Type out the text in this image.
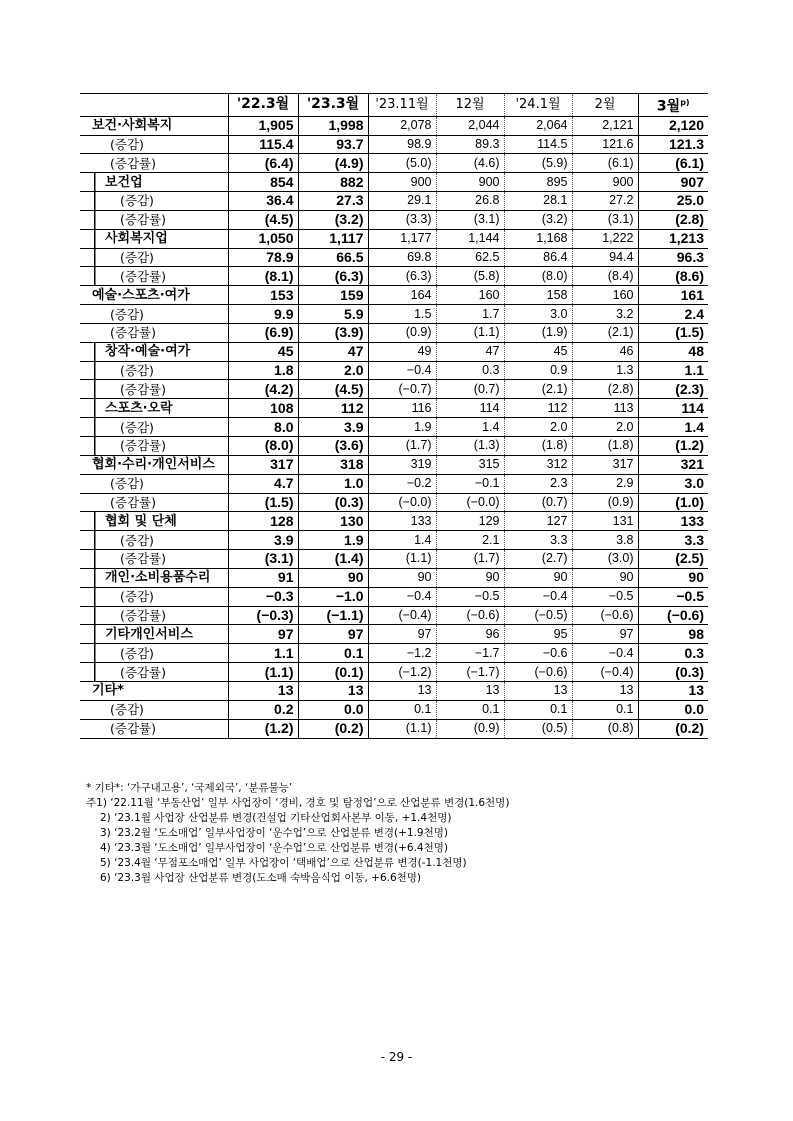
	'22.3월	'23.3월	'23.11월	12월	'24.1월	2월	3월$^{p)}$
보건·사회복지	1,905	1,998	2,078	2,044	2,064	2,121	2,120
(증감)	115.4	93.7	98.9	89.3	114.5	121.6	121.3
(증감률)	(6.4)	(4.9)	(5.0)	(4.6)	(5.9)	(6.1)	(6.1)
보건업	854	882	900	900	895	900	907
(증감)	36.4	27.3	29.1	26.8	28.1	27.2	25.0
(증감률)	(4.5)	(3.2)	(3.3)	(3.1)	(3.2)	(3.1)	(2.8)
사회복지업	1,050	1,117	1,177	1,144	1,168	1,222	1,213
(증감)	78.9	66.5	69.8	62.5	86.4	94.4	96.3
(증감률)	(8.1)	(6.3)	(6.3)	(5.8)	(8.0)	(8.4)	(8.6)
예술·스포츠·여가	153	159	164	160	158	160	161
(증감)	9.9	5.9	1.5	1.7	3.0	3.2	2.4
(증감률)	(6.9)	(3.9)	(0.9)	(1.1)	(1.9)	(2.1)	(1.5)
창작·예술·여가	45	47	49	47	45	46	48
(증감)	1.8	2.0	−0.4	0.3	0.9	1.3	1.1
(증감률)	(4.2)	(4.5)	(−0.7)	(0.7)	(2.1)	(2.8)	(2.3)
스포츠·오락	108	112	116	114	112	113	114
(증감)	8.0	3.9	1.9	1.4	2.0	2.0	1.4
(증감률)	(8.0)	(3.6)	(1.7)	(1.3)	(1.8)	(1.8)	(1.2)
협회·수리·개인서비스	317	318	319	315	312	317	321
(증감)	4.7	1.0	−0.2	−0.1	2.3	2.9	3.0
(증감률)	(1.5)	(0.3)	(−0.0)	(−0.0)	(0.7)	(0.9)	(1.0)
협회 및 단체	128	130	133	129	127	131	133
(증감)	3.9	1.9	1.4	2.1	3.3	3.8	3.3
(증감률)	(3.1)	(1.4)	(1.1)	(1.7)	(2.7)	(3.0)	(2.5)
개인·소비용품수리	91	90	90	90	90	90	90
(증감)	−0.3	−1.0	−0.4	−0.5	−0.4	−0.5	−0.5
(증감률)	(−0.3)	(−1.1)	(−0.4)	(−0.6)	(−0.5)	(−0.6)	(−0.6)
기타개인서비스	97	97	97	96	95	97	98
(증감)	1.1	0.1	−1.2	−1.7	−0.6	−0.4	0.3
(증감률)	(1.1)	(0.1)	(−1.2)	(−1.7)	(−0.6)	(−0.4)	(0.3)
기타*	13	13	13	13	13	13	13
(증감)	0.2	0.0	0.1	0.1	0.1	0.1	0.0
(증감률)	(1.2)	(0.2)	(1.1)	(0.9)	(0.5)	(0.8)	(0.2)
* 기타*: ‘가구내고용’, ‘국제외국’, ‘분류불능’
주1) ‘22.11월 ‘부동산업’ 일부 사업장이 ‘경비, 경호 및 탐정업’으로 산업분류 변경(1.6천명)
2) ‘23.1월 사업장 산업분류 변경(건설업 기타산업회사본부 이동, +1.4천명)
3) ‘23.2월 ‘도소매업’ 일부사업장이 ‘운수업’으로 산업분류 변경(+1.9천명)
4) ‘23.3월 ‘도소매업’ 일부사업장이 ‘운수업’으로 산업분류 변경(+6.4천명)
5) ‘23.4월 ‘무점포소매업’ 일부 사업장이 ‘택배업’으로 산업분류 변경(-1.1천명)
6) ‘23.3월 사업장 산업분류 변경(도소매 숙박음식업 이동, +6.6천명)
- 29 -
